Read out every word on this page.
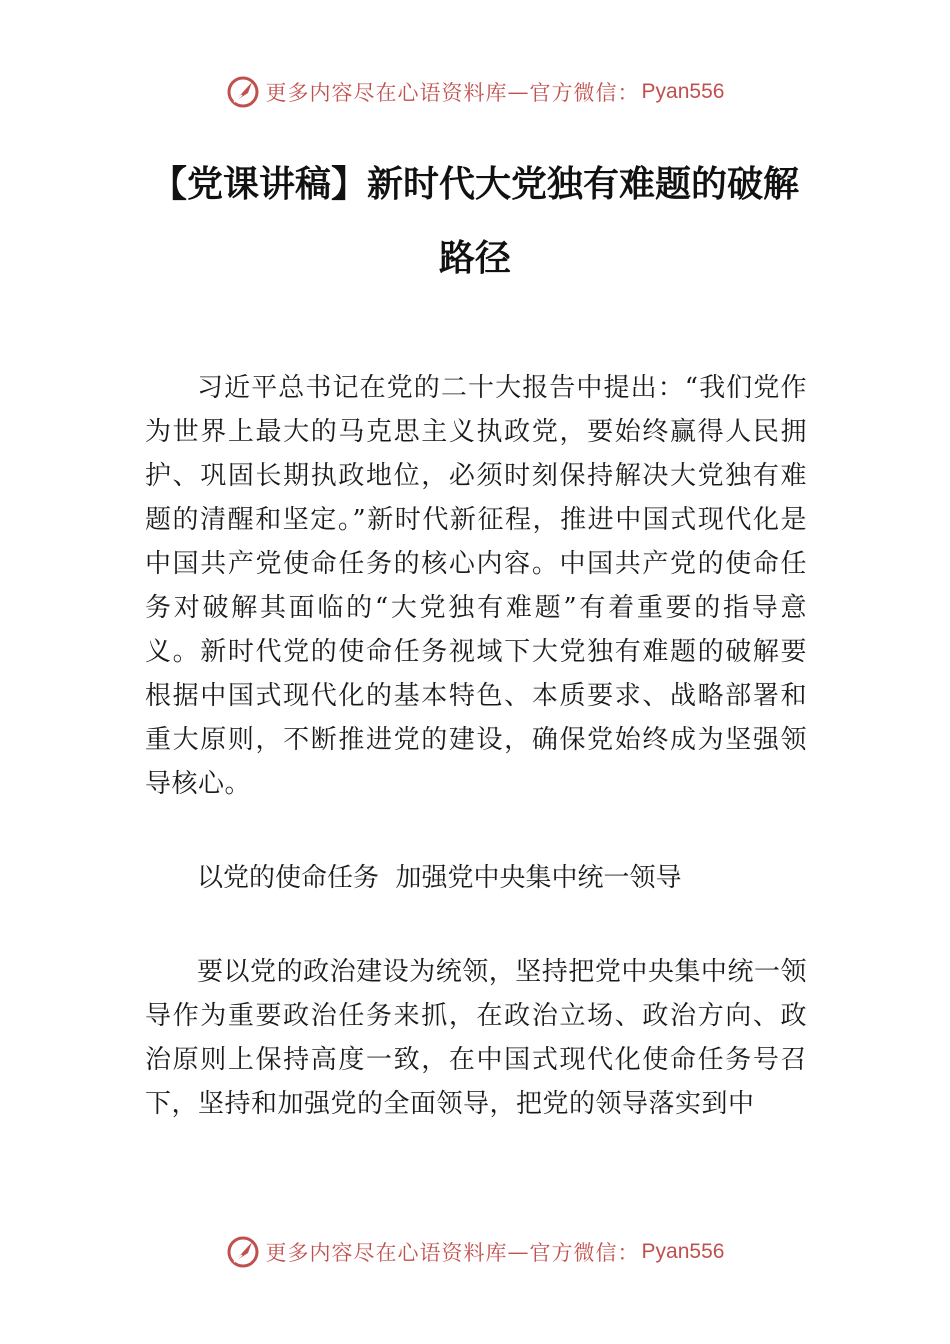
更多内容尽在心语资料库 — 官方微信： Pyan556
【党课讲稿】新时代大党独有难题的破解路径

习近平总书记在党的二十大报告中提出：“我们党作为世界上最大的马克思主义执政党，要始终赢得人民拥护、巩固长期执政地位，必须时刻保持解决大党独有难题的清醒和坚定。”新时代新征程，推进中国式现代化是中国共产党使命任务的核心内容。中国共产党的使命任务对破解其面临的“大党独有难题”有着重要的指导意义。新时代党的使命任务视域下大党独有难题的破解要根据中国式现代化的基本特色、本质要求、战略部署和重大原则，不断推进党的建设，确保党始终成为坚强领导核心。

以党的使命任务  加强党中央集中统一领导

要以党的政治建设为统领，坚持把党中央集中统一领导作为重要政治任务来抓，在政治立场、政治方向、政治原则上保持高度一致，在中国式现代化使命任务号召下，坚持和加强党的全面领导，把党的领导落实到中

更多内容尽在心语资料库 — 官方微信： Pyan556
